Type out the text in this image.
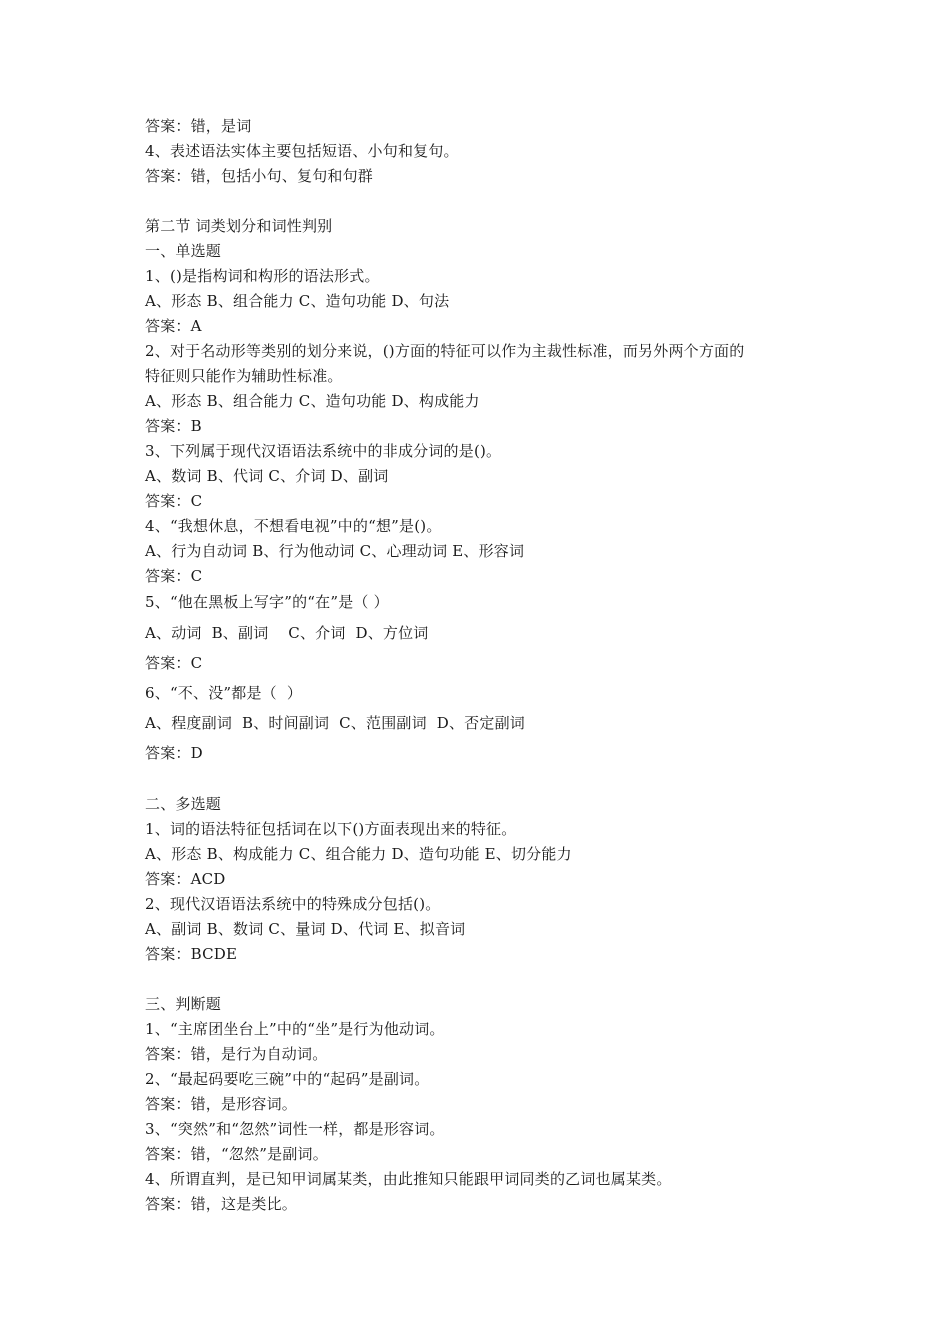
答案：错，是词
4、表述语法实体主要包括短语、小句和复句。
答案：错，包括小句、复句和句群
第二节 词类划分和词性判别
一、单选题
1、()是指构词和构形的语法形式。
A、形态 B、组合能力 C、造句功能 D、句法
答案：A
2、对于名动形等类别的划分来说，()方面的特征可以作为主裁性标准，而另外两个方面的
特征则只能作为辅助性标准。
A、形态 B、组合能力 C、造句功能 D、构成能力
答案：B
3、下列属于现代汉语语法系统中的非成分词的是()。
A、数词 B、代词 C、介词 D、副词
答案：C
4、“我想休息，不想看电视”中的“想”是()。
A、行为自动词 B、行为他动词 C、心理动词 E、形容词
答案：C
5、“他在黑板上写字”的“在”是（ ）
A、动词  B、副词    C、介词  D、方位词
答案：C
6、“不、没”都是（  ）
A、程度副词  B、时间副词  C、范围副词  D、否定副词
答案：D
二、多选题
1、词的语法特征包括词在以下()方面表现出来的特征。
A、形态 B、构成能力 C、组合能力 D、造句功能 E、切分能力
答案：ACD
2、现代汉语语法系统中的特殊成分包括()。
A、副词 B、数词 C、量词 D、代词 E、拟音词
答案：BCDE
三、判断题
1、“主席团坐台上”中的“坐”是行为他动词。
答案：错，是行为自动词。
2、“最起码要吃三碗”中的“起码”是副词。
答案：错，是形容词。
3、“突然”和“忽然”词性一样，都是形容词。
答案：错，“忽然”是副词。
4、所谓直判，是已知甲词属某类，由此推知只能跟甲词同类的乙词也属某类。
答案：错，这是类比。
